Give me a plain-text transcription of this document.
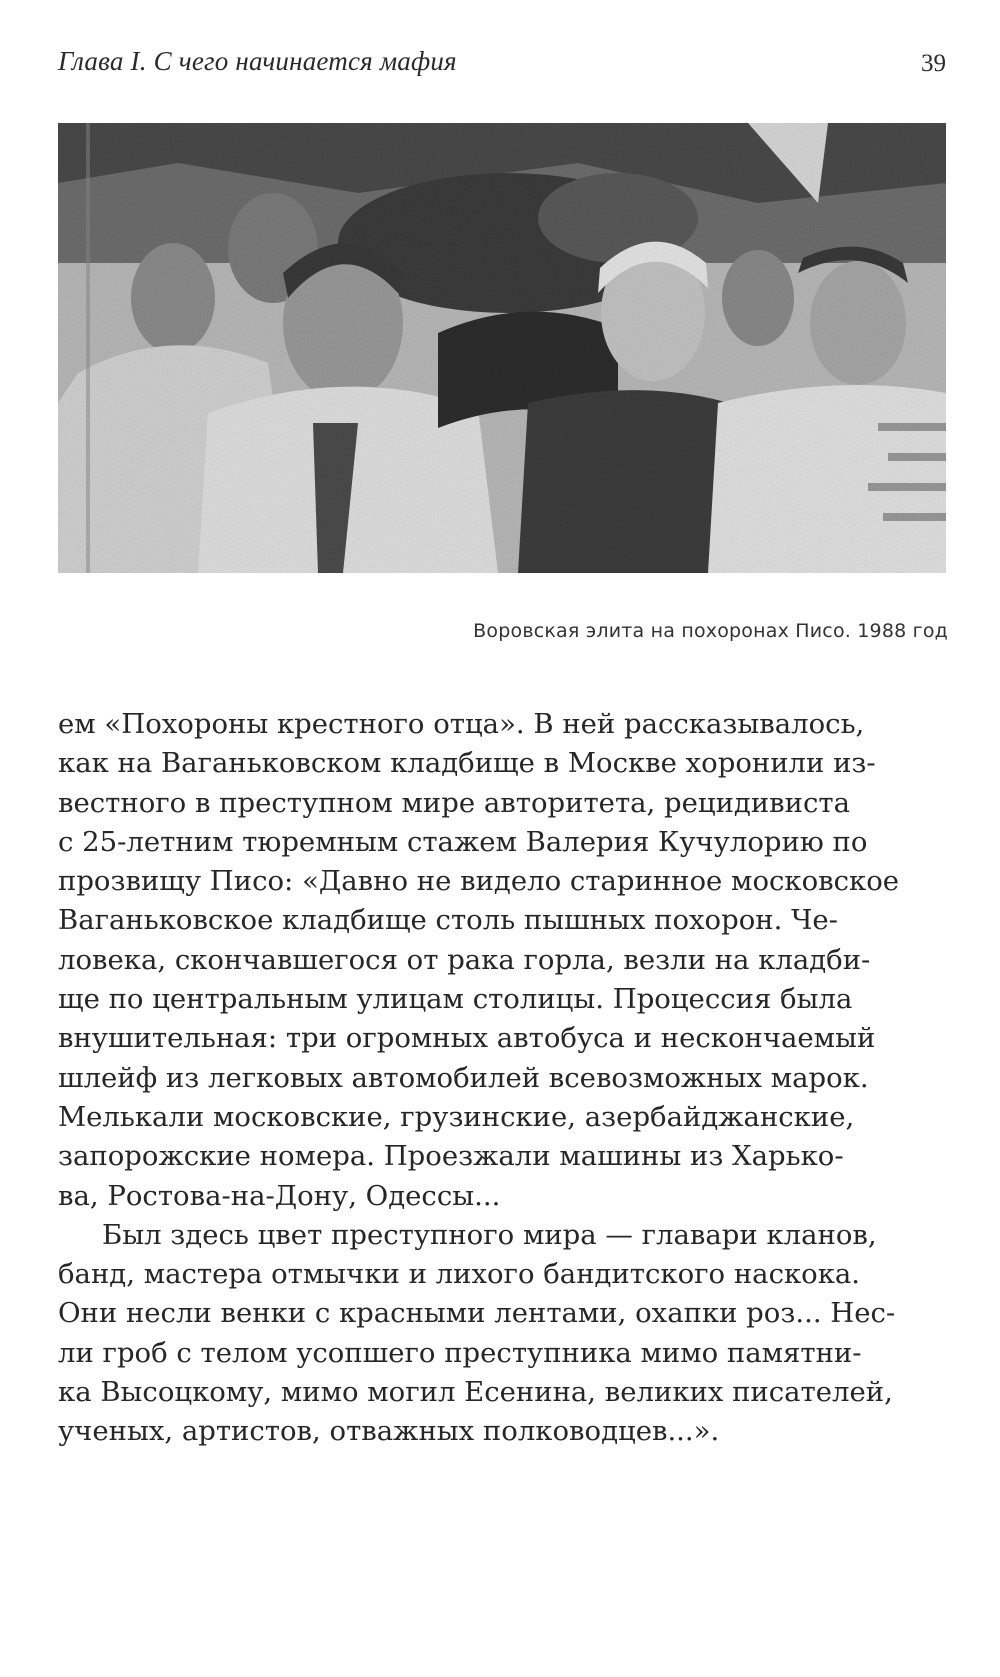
Глава I. С чего начинается мафия	39
Воровская элита на похоронах Писо. 1988 год
ем «Похороны крестного отца». В ней рассказывалось,
как на Ваганьковском кладбище в Москве хоронили из-
вестного в преступном мире авторитета, рецидивиста
с 25-летним тюремным стажем Валерия Кучулорию по
прозвищу Писо: «Давно не видело старинное московское
Ваганьковское кладбище столь пышных похорон. Че-
ловека, скончавшегося от рака горла, везли на кладби-
ще по центральным улицам столицы. Процессия была
внушительная: три огромных автобуса и нескончаемый
шлейф из легковых автомобилей всевозможных марок.
Мелькали московские, грузинские, азербайджанские,
запорожские номера. Проезжали машины из Харько-
ва, Ростова-на-Дону, Одессы...
Был здесь цвет преступного мира — главари кланов,
банд, мастера отмычки и лихого бандитского наскока.
Они несли венки с красными лентами, охапки роз... Нес-
ли гроб с телом усопшего преступника мимо памятни-
ка Высоцкому, мимо могил Есенина, великих писателей,
ученых, артистов, отважных полководцев...».
